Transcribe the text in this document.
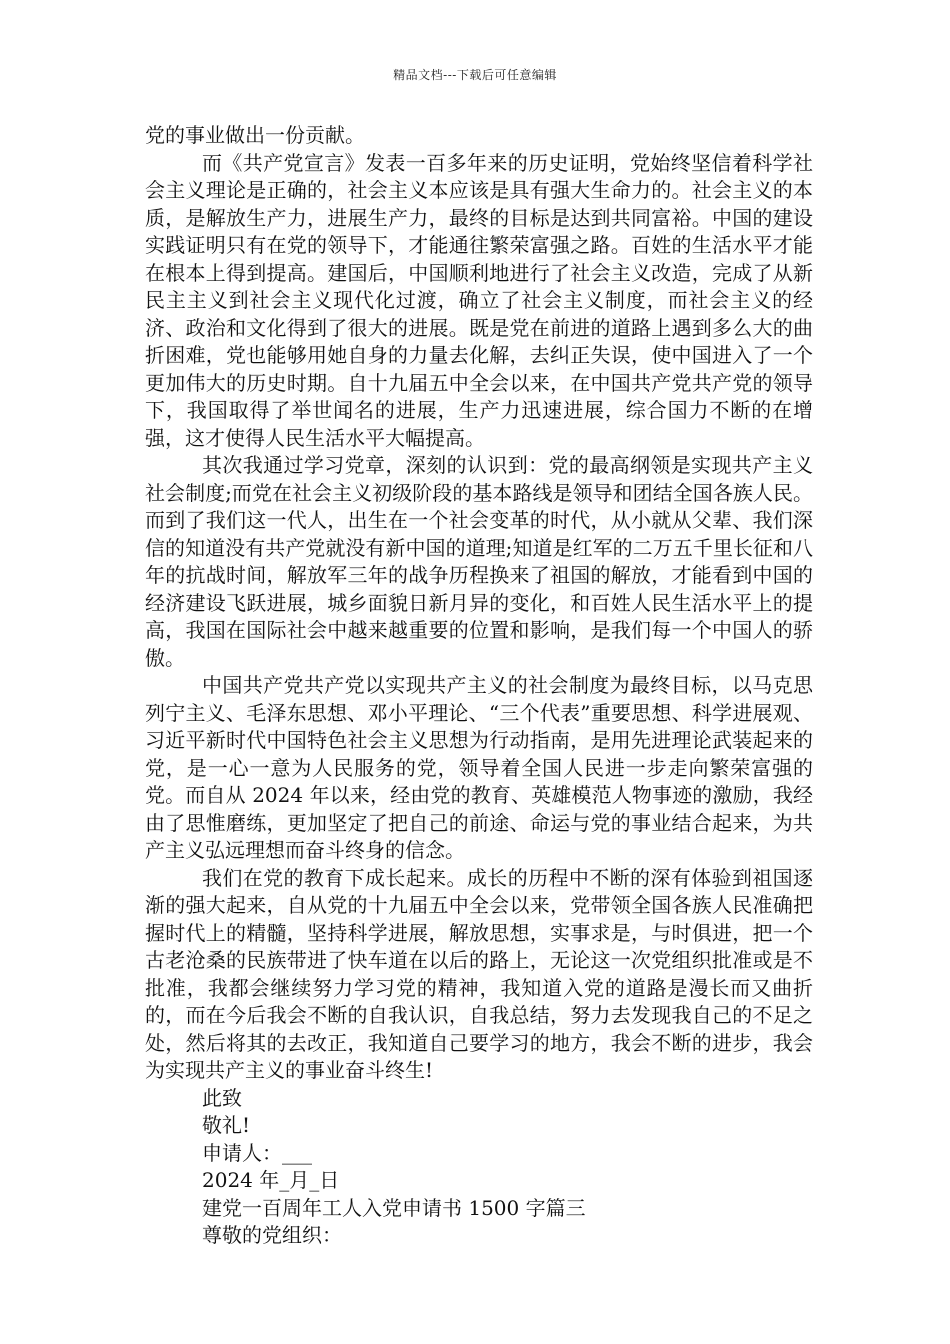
精品文档---下载后可任意编辑

党的事业做出一份贡献。

而《共产党宣言》发表一百多年来的历史证明，党始终坚信着科学社会主义理论是正确的，社会主义本应该是具有强大生命力的。社会主义的本质，是解放生产力，进展生产力，最终的目标是达到共同富裕。中国的建设实践证明只有在党的领导下，才能通往繁荣富强之路。百姓的生活水平才能在根本上得到提高。建国后，中国顺利地进行了社会主义改造，完成了从新民主主义到社会主义现代化过渡，确立了社会主义制度，而社会主义的经济、政治和文化得到了很大的进展。既是党在前进的道路上遇到多么大的曲折困难，党也能够用她自身的力量去化解，去纠正失误，使中国进入了一个更加伟大的历史时期。自十九届五中全会以来，在中国共产党共产党的领导下，我国取得了举世闻名的进展，生产力迅速进展，综合国力不断的在增强，这才使得人民生活水平大幅提高。

其次我通过学习党章，深刻的认识到：党的最高纲领是实现共产主义社会制度;而党在社会主义初级阶段的基本路线是领导和团结全国各族人民。而到了我们这一代人，出生在一个社会变革的时代，从小就从父辈、我们深信的知道没有共产党就没有新中国的道理;知道是红军的二万五千里长征和八年的抗战时间，解放军三年的战争历程换来了祖国的解放，才能看到中国的经济建设飞跃进展，城乡面貌日新月异的变化，和百姓人民生活水平上的提高，我国在国际社会中越来越重要的位置和影响，是我们每一个中国人的骄傲。

中国共产党共产党以实现共产主义的社会制度为最终目标，以马克思列宁主义、毛泽东思想、邓小平理论、“三个代表”重要思想、科学进展观、习近平新时代中国特色社会主义思想为行动指南，是用先进理论武装起来的党，是一心一意为人民服务的党，领导着全国人民进一步走向繁荣富强的党。而自从 2024 年以来，经由党的教育、英雄模范人物事迹的激励，我经由了思惟磨练，更加坚定了把自己的前途、命运与党的事业结合起来，为共产主义弘远理想而奋斗终身的信念。

我们在党的教育下成长起来。成长的历程中不断的深有体验到祖国逐渐的强大起来，自从党的十九届五中全会以来，党带领全国各族人民准确把握时代上的精髓，坚持科学进展，解放思想，实事求是，与时俱进，把一个古老沧桑的民族带进了快车道在以后的路上，无论这一次党组织批准或是不批准，我都会继续努力学习党的精神，我知道入党的道路是漫长而又曲折的，而在今后我会不断的自我认识，自我总结，努力去发现我自己的不足之处，然后将其的去改正，我知道自己要学习的地方，我会不断的进步，我会为实现共产主义的事业奋斗终生!

此致

敬礼!

申请人：___

2024 年_月_日

建党一百周年工人入党申请书 1500 字篇三

尊敬的党组织：
